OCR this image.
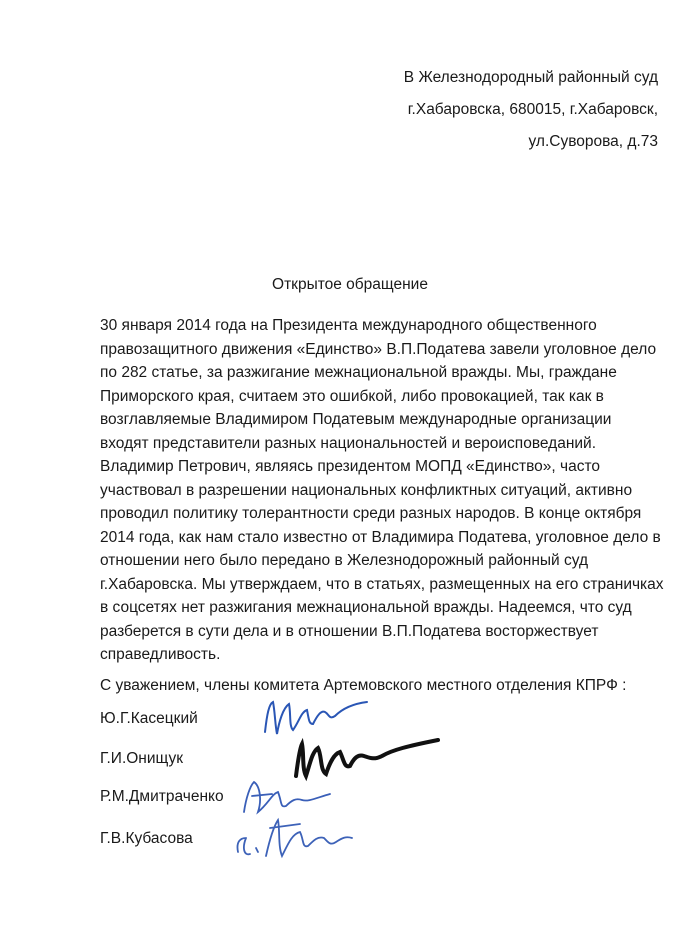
В Железнодородный районный суд
г.Хабаровска, 680015, г.Хабаровск,
ул.Суворова, д.73
Открытое обращение
30 января 2014 года на Президента международного общественного
правозащитного движения «Единство» В.П.Податева завели уголовное дело
по 282 статье, за разжигание межнациональной вражды. Мы, граждане
Приморского края, считаем это ошибкой, либо провокацией, так как в
возглавляемые Владимиром Податевым международные организации
входят представители разных национальностей и вероисповеданий.
Владимир Петрович, являясь президентом МОПД «Единство», часто
участвовал в разрешении национальных конфликтных ситуаций, активно
проводил политику толерантности среди разных народов. В конце октября
2014 года, как нам стало известно от Владимира Податева, уголовное дело в
отношении него было передано в Железнодорожный районный суд
г.Хабаровска. Мы утверждаем, что в статьях, размещенных на его страничках
в соцсетях нет разжигания межнациональной вражды. Надеемся, что суд
разберется в сути дела и в отношении В.П.Податева восторжествует
справедливость.
С уважением, члены комитета Артемовского местного отделения КПРФ :
Ю.Г.Касецкий
Г.И.Онищук
Р.М.Дмитраченко
Г.В.Кубасова
